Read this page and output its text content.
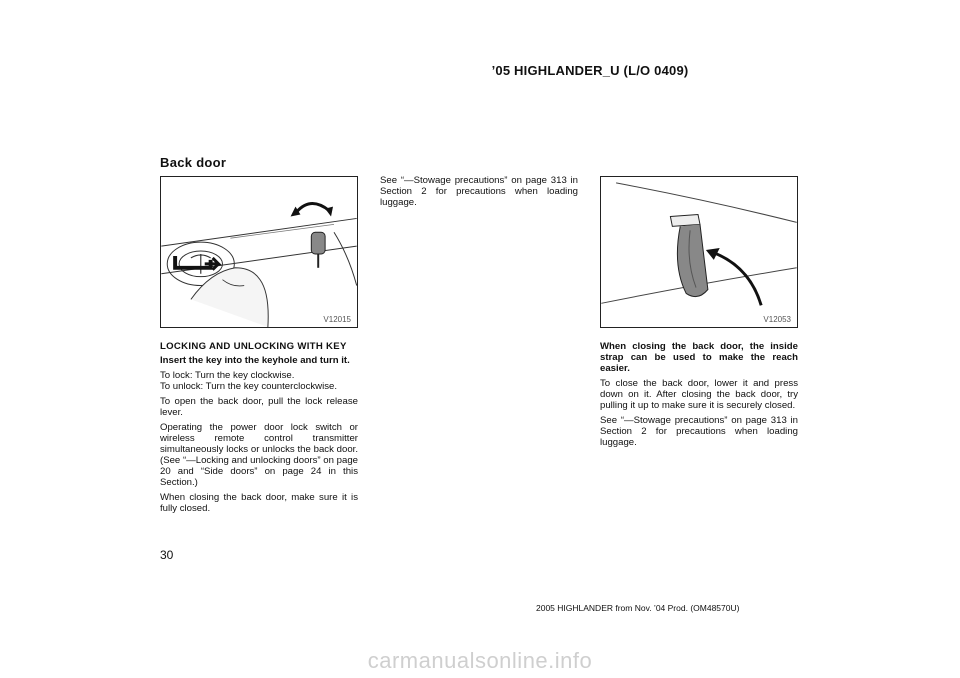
’05 HIGHLANDER_U (L/O 0409)
Back door
V12015	V12053

LOCKING AND UNLOCKING WITH KEY

Insert the key into the keyhole and turn it.

To lock: Turn the key clockwise.
To unlock: Turn the key counterclockwise.

To open the back door, pull the lock release lever.

Operating the power door lock switch or wireless remote control transmitter simultaneously locks or unlocks the back door. (See “—Locking and unlocking doors” on page 20 and “Side doors” on page 24 in this Section.)

When closing the back door, make sure it is fully closed.

See “—Stowage precautions” on page 313 in Section 2 for precautions when loading luggage.

When closing the back door, the inside strap can be used to make the reach easier.

To close the back door, lower it and press down on it. After closing the back door, try pulling it up to make sure it is securely closed.

See “—Stowage precautions” on page 313 in Section 2 for precautions when loading luggage.

30
2005 HIGHLANDER from Nov. ’04 Prod. (OM48570U)
carmanualsonline.info
